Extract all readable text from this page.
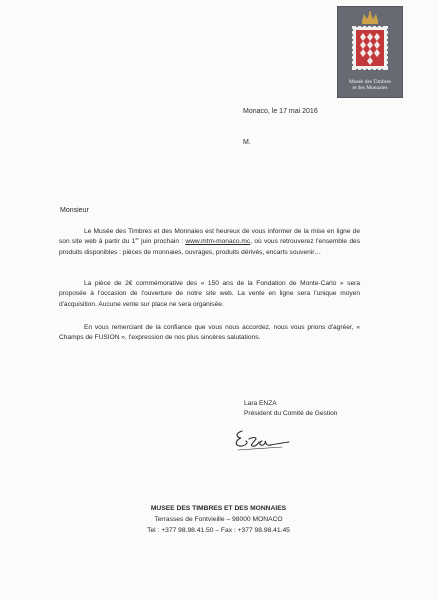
Musée des Timbres
et des Monnaies
Monaco, le 17 mai 2016
M.
Monsieur

Le Musée des Timbres et des Monnaies est heureux de vous informer de la mise en ligne de son site web à partir du 1er juin prochain : www.mtm-monaco.mc, où vous retrouverez l'ensemble des produits disponibles : pièces de monnaies, ouvrages, produits dérivés, encarts souvenir…

La pièce de 2€ commémorative des « 150 ans de la Fondation de Monte-Carlo » sera proposée à l'occasion de l'ouverture de notre site web. La vente en ligne sera l'unique moyen d'acquisition. Aucune vente sur place ne sera organisée.

En vous remerciant de la confiance que vous nous accordez, nous vous prions d'agréer, « Champs de FUSION », l'expression de nos plus sincères salutations.

Lara ENZA
Président du Comité de Gestion
MUSEE DES TIMBRES ET DES MONNAIES
Terrasses de Fontvieille – 98000 MONACO
Tel : +377 98.98.41.50 – Fax : +377 98.98.41.45
